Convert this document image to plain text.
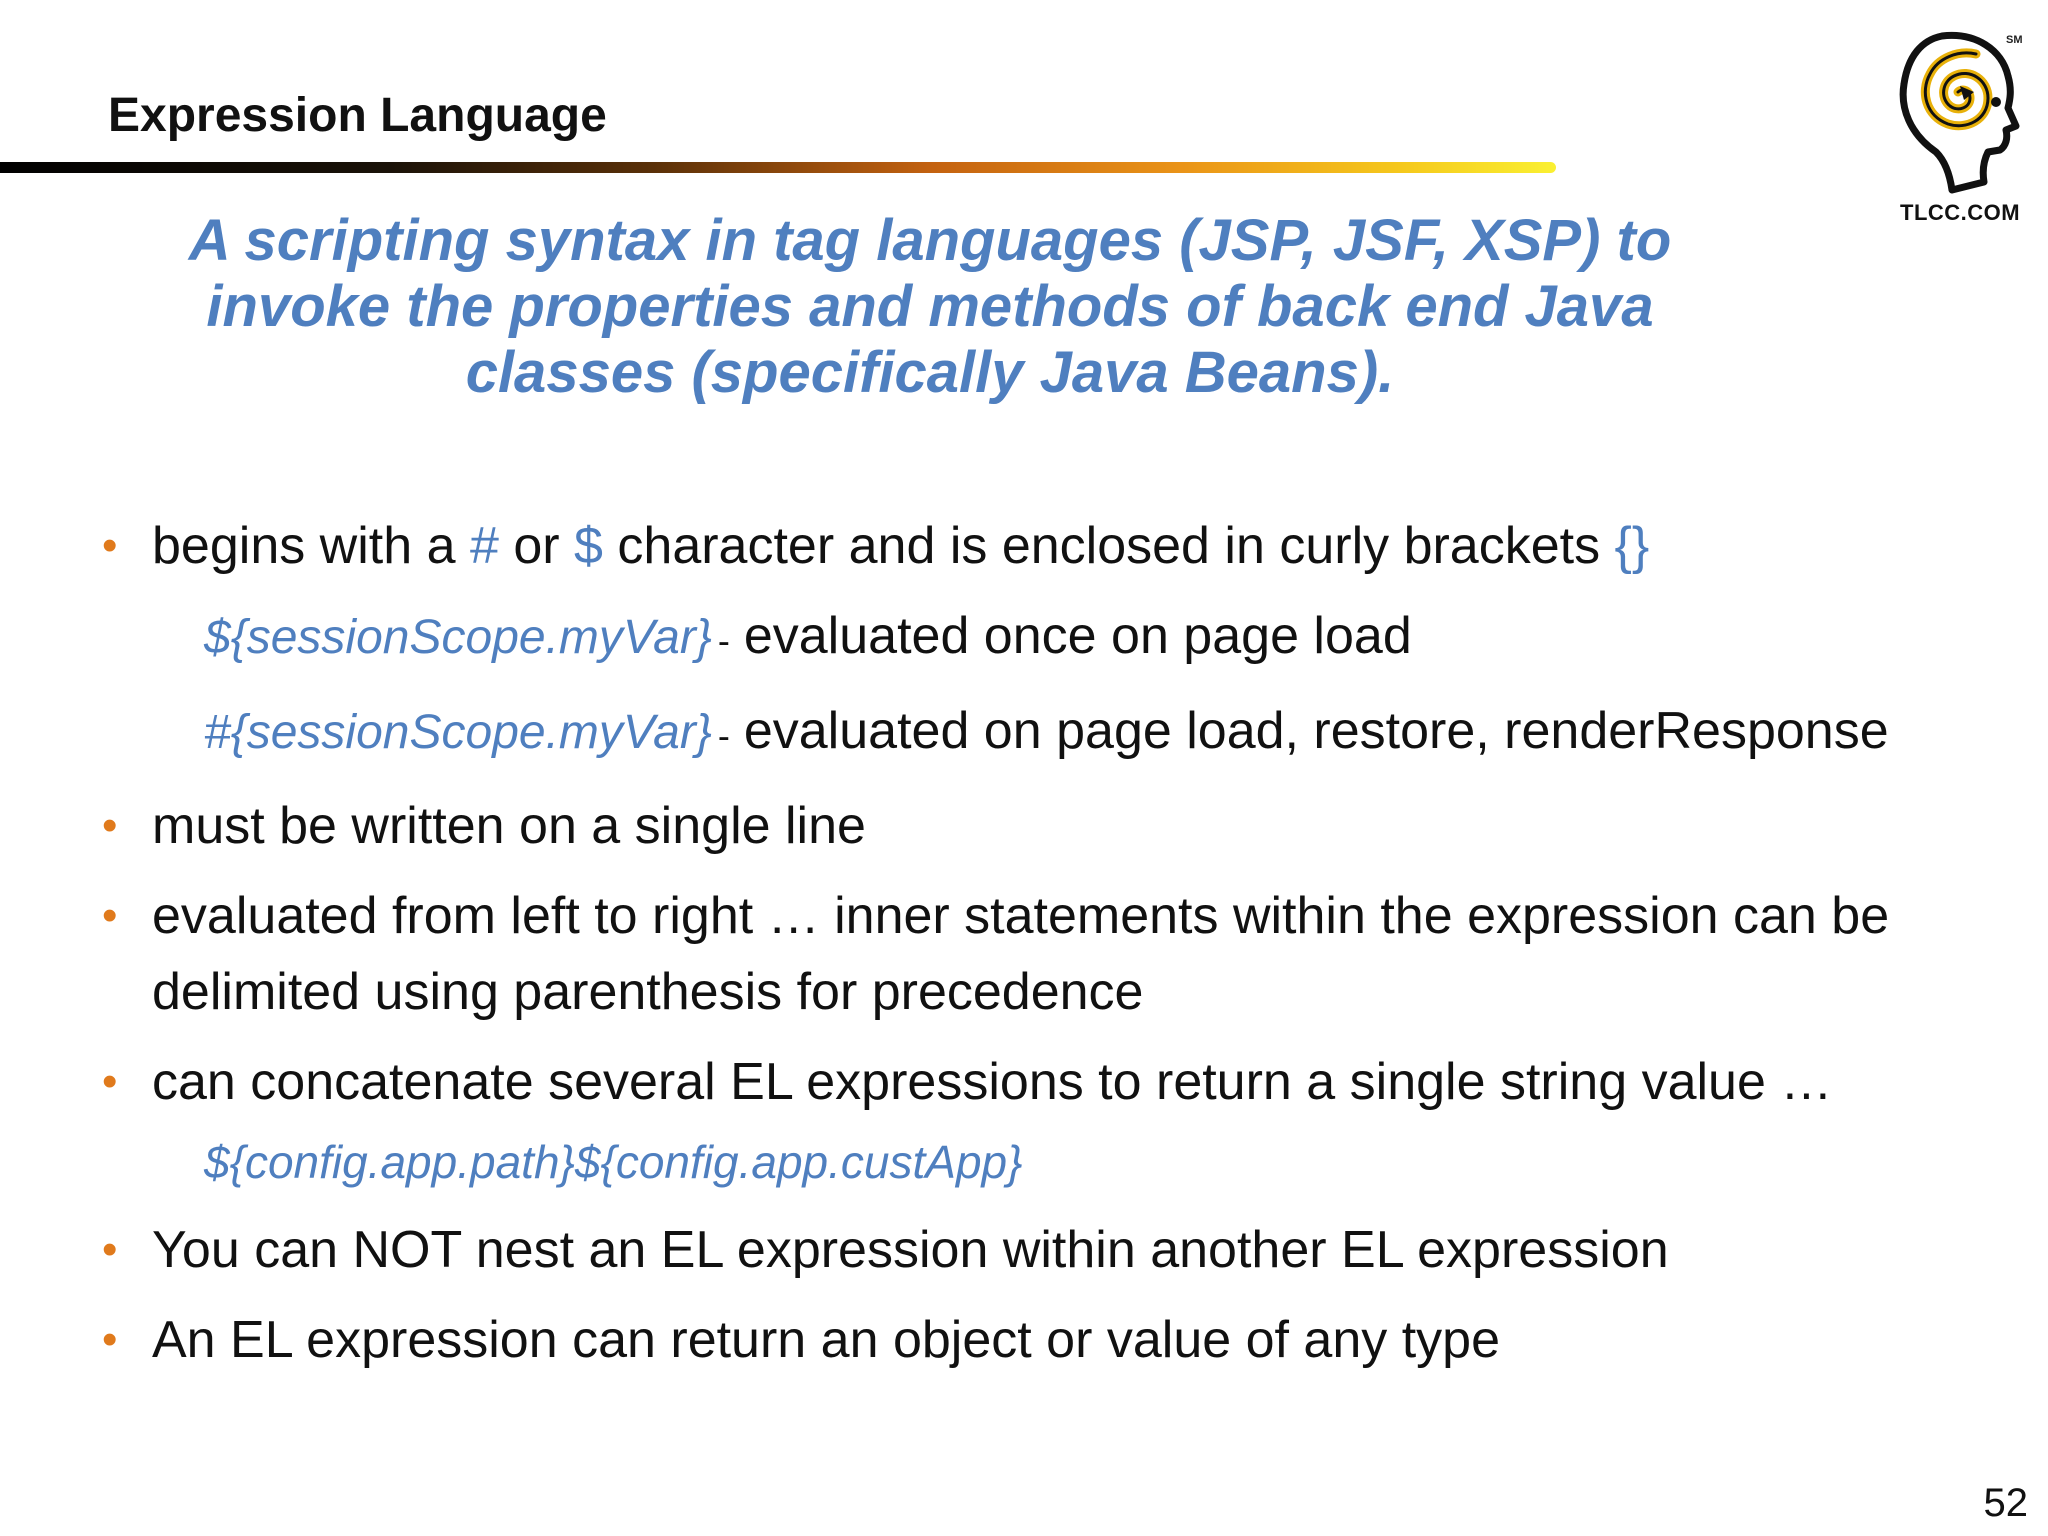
Expression Language
SM
TLCC.COM
A scripting syntax in tag languages (JSP, JSF, XSP) to invoke the properties and methods of back end Java classes (specifically Java Beans).
• begins with a # or $ character and is enclosed in curly brackets {}
${sessionScope.myVar} - evaluated once on page load
#{sessionScope.myVar} - evaluated on page load, restore, renderResponse
• must be written on a single line
• evaluated from left to right … inner statements within the expression can be delimited using parenthesis for precedence
• can concatenate several EL expressions to return a single string value …
${config.app.path}${config.app.custApp}
• You can NOT nest an EL expression within another EL expression
• An EL expression can return an object or value of any type
52
